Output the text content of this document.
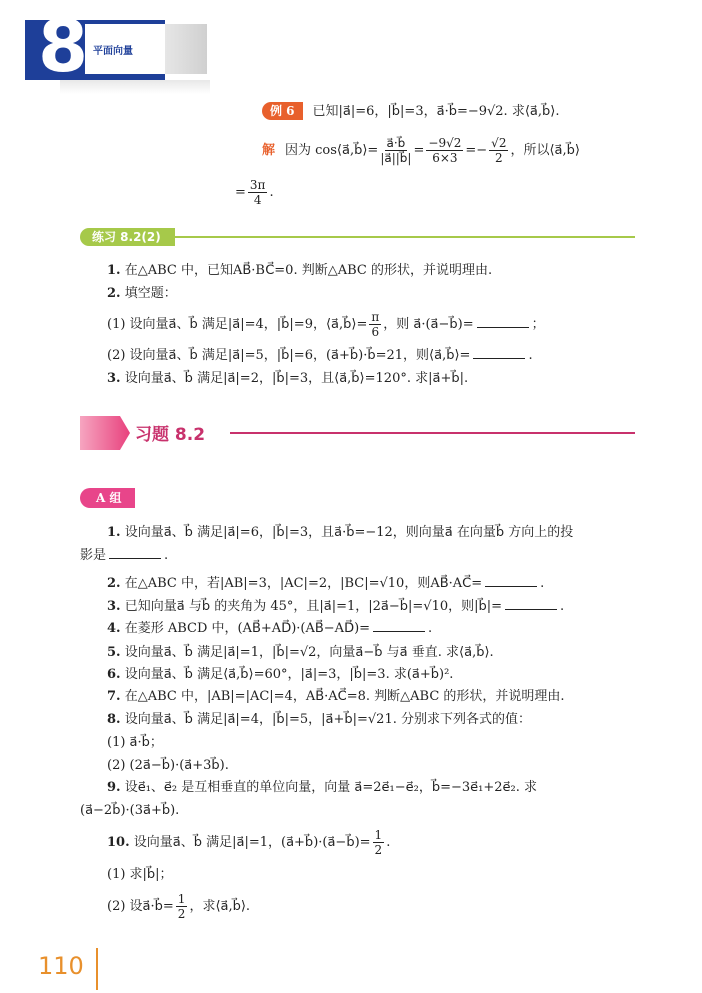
8 平面向量
例 6 已知|a⃗|=6，|b⃗|=3，a⃗·b⃗=−9√2. 求⟨a⃗,b⃗⟩.
解 因为 cos⟨a⃗,b⃗⟩= $\frac{a⃗\cdot b⃗}{|a⃗||b⃗|} = \frac{-9√2}{6\times 3} =- \frac{√2}{2}$ ，所以⟨a⃗,b⃗⟩
= $\frac{3\pi}{4}$ .
练习 8.2(2)
1. 在△ABC 中，已知AB⃗·BC⃗=0. 判断△ABC 的形状，并说明理由.
2. 填空题：
(1) 设向量a⃗、b⃗ 满足|a⃗|=4，|b⃗|=9，⟨a⃗,b⃗⟩= $\frac{\pi}{6}$ ，则 a⃗·(a⃗−b⃗)=	；
(2) 设向量a⃗、b⃗ 满足|a⃗|=5，|b⃗|=6，(a⃗+b⃗)·b⃗=21，则⟨a⃗,b⃗⟩=	.
3. 设向量a⃗、b⃗ 满足|a⃗|=2，|b⃗|=3，且⟨a⃗,b⃗⟩=120°. 求|a⃗+b⃗|.
习题 8.2
A 组
1. 设向量a⃗、b⃗ 满足|a⃗|=6，|b⃗|=3，且a⃗·b⃗=−12，则向量a⃗ 在向量b⃗ 方向上的投
影是	.
2. 在△ABC 中，若|AB|=3，|AC|=2，|BC|=√10，则AB⃗·AC⃗=	.
3. 已知向量a⃗ 与b⃗ 的夹角为 45°，且|a⃗|=1，|2a⃗−b⃗|=√10，则|b⃗|=	.
4. 在菱形 ABCD 中，(AB⃗+AD⃗)·(AB⃗−AD⃗)=	.
5. 设向量a⃗、b⃗ 满足|a⃗|=1，|b⃗|=√2，向量a⃗−b⃗ 与a⃗ 垂直. 求⟨a⃗,b⃗⟩.
6. 设向量a⃗、b⃗ 满足⟨a⃗,b⃗⟩=60°，|a⃗|=3，|b⃗|=3. 求(a⃗+b⃗)².
7. 在△ABC 中，|AB|=|AC|=4，AB⃗·AC⃗=8. 判断△ABC 的形状，并说明理由.
8. 设向量a⃗、b⃗ 满足|a⃗|=4，|b⃗|=5，|a⃗+b⃗|=√21. 分别求下列各式的值：
(1) a⃗·b⃗；
(2) (2a⃗−b⃗)·(a⃗+3b⃗).
9. 设e⃗₁、e⃗₂ 是互相垂直的单位向量，向量 a⃗=2e⃗₁−e⃗₂，b⃗=−3e⃗₁+2e⃗₂. 求
(a⃗−2b⃗)·(3a⃗+b⃗).
10. 设向量a⃗、b⃗ 满足|a⃗|=1，(a⃗+b⃗)·(a⃗−b⃗)= $\frac{1}{2}$ .
(1) 求|b⃗|；
(2) 设a⃗·b⃗= $\frac{1}{2}$ ，求⟨a⃗,b⃗⟩.
110
